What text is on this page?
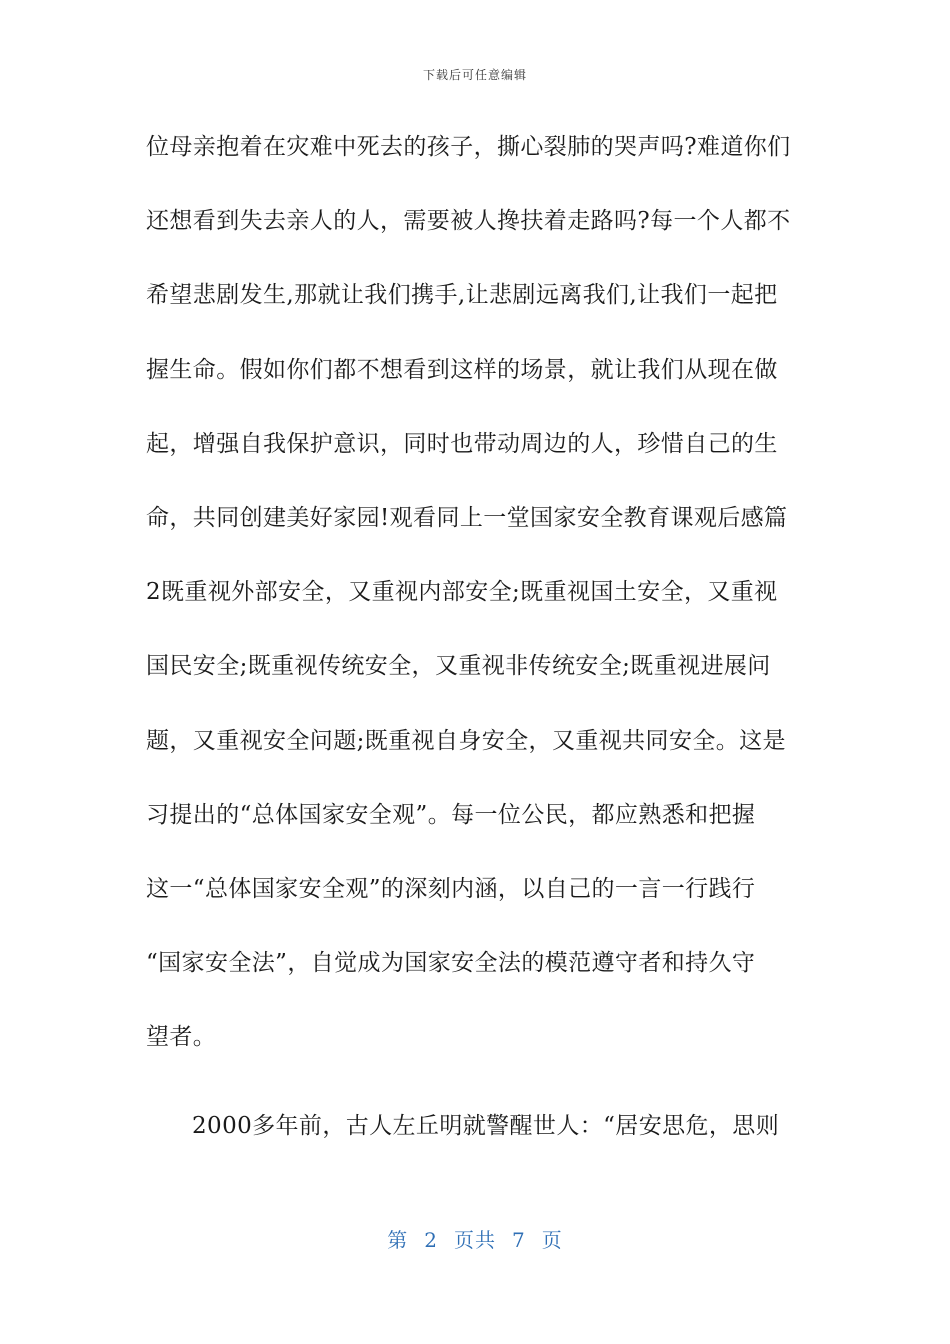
下载后可任意编辑
位母亲抱着在灾难中死去的孩子，撕心裂肺的哭声吗?难道你们
还想看到失去亲人的人，需要被人搀扶着走路吗?每一个人都不
希望悲剧发生,那就让我们携手,让悲剧远离我们,让我们一起把
握生命。假如你们都不想看到这样的场景，就让我们从现在做
起，增强自我保护意识，同时也带动周边的人，珍惜自己的生
命，共同创建美好家园!观看同上一堂国家安全教育课观后感篇
2既重视外部安全，又重视内部安全;既重视国土安全，又重视
国民安全;既重视传统安全，又重视非传统安全;既重视进展问
题，又重视安全问题;既重视自身安全，又重视共同安全。这是
习提出的“总体国家安全观”。每一位公民，都应熟悉和把握
这一“总体国家安全观”的深刻内涵，以自己的一言一行践行
“国家安全法”，自觉成为国家安全法的模范遵守者和持久守
望者。
2000多年前，古人左丘明就警醒世人：“居安思危，思则
第 2 页共 7 页
